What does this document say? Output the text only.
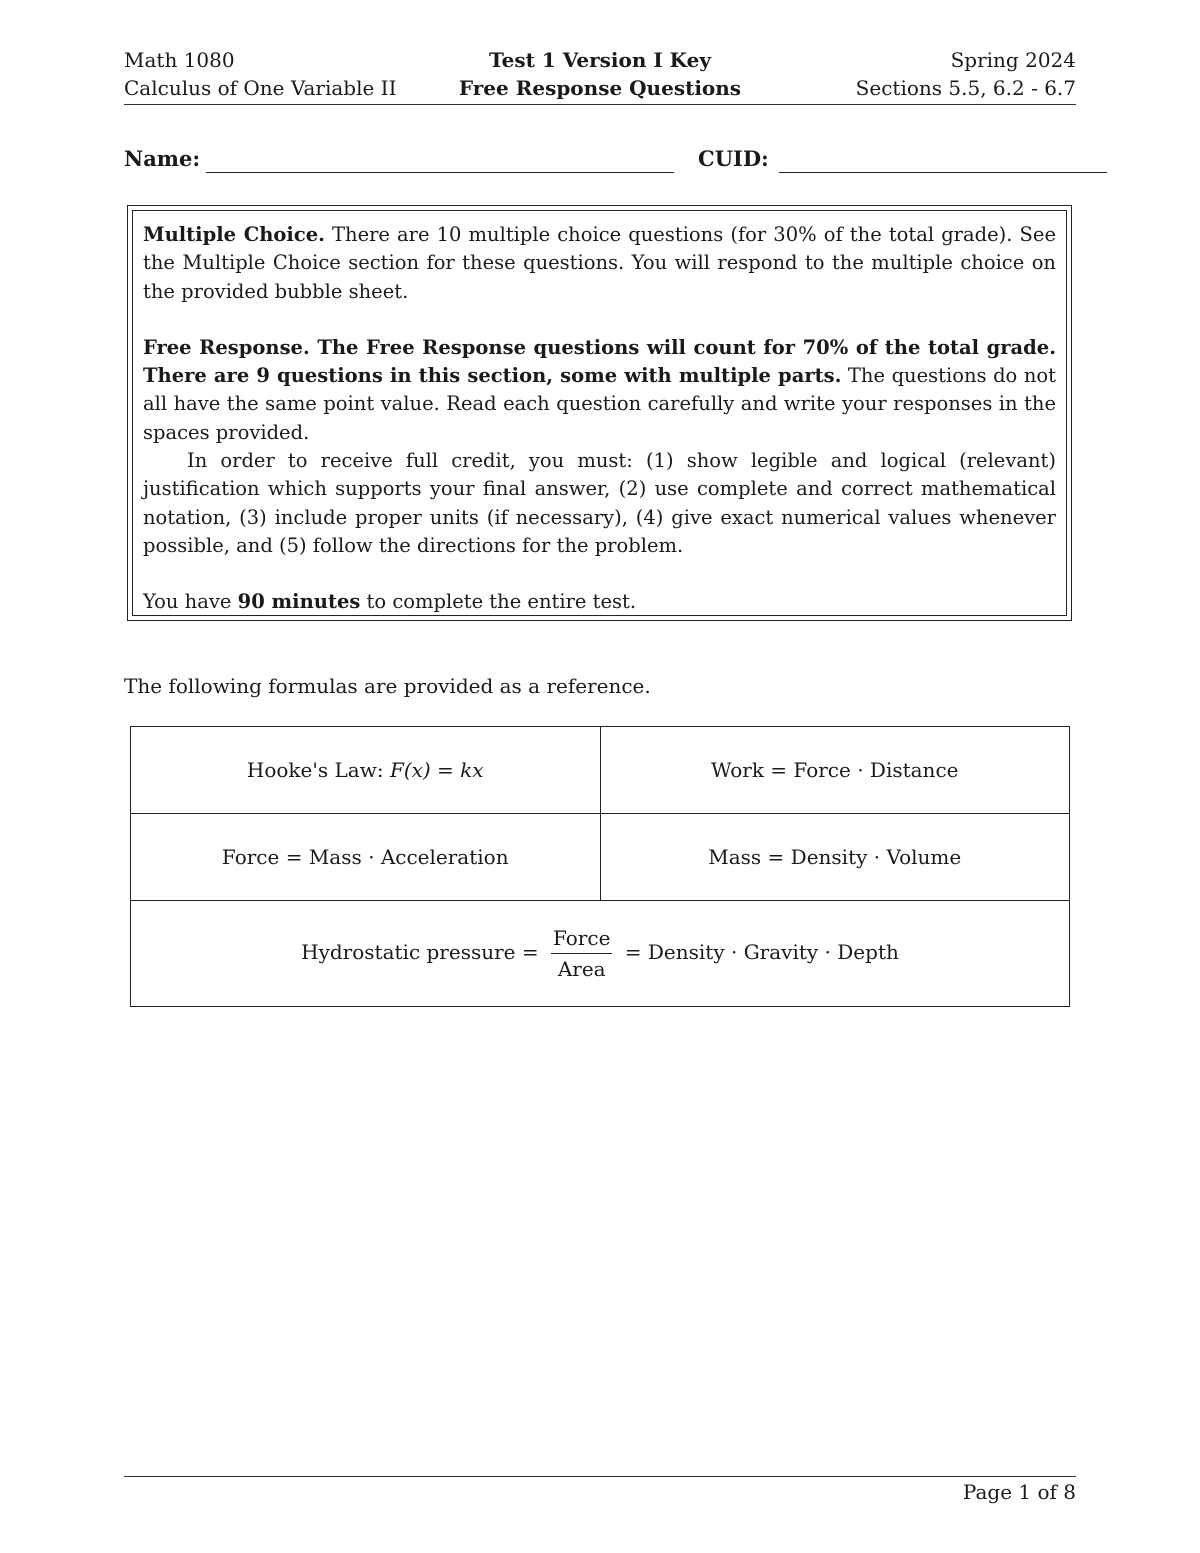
Math 1080
Calculus of One Variable II
Test 1 Version I Key
Free Response Questions
Spring 2024
Sections 5.5, 6.2 - 6.7
Name:	CUID:

Multiple Choice. There are 10 multiple choice questions (for 30% of the total grade). See the Multiple Choice section for these questions. You will respond to the multiple choice on the provided bubble sheet.

Free Response. The Free Response questions will count for 70% of the total grade. There are 9 questions in this section, some with multiple parts. The questions do not all have the same point value. Read each question carefully and write your responses in the spaces provided.

In order to receive full credit, you must: (1) show legible and logical (relevant) justification which supports your final answer, (2) use complete and correct mathematical notation, (3) include proper units (if necessary), (4) give exact numerical values whenever possible, and (5) follow the directions for the problem.

You have 90 minutes to complete the entire test.

The following formulas are provided as a reference.
Hooke's Law: F(x) = kx	Work = Force · Distance
Force = Mass · Acceleration	Mass = Density · Volume
Hydrostatic pressure = $\frac{\text{Force}}{\text{Area}}$ = Density · Gravity · Depth	
Page 1 of 8
